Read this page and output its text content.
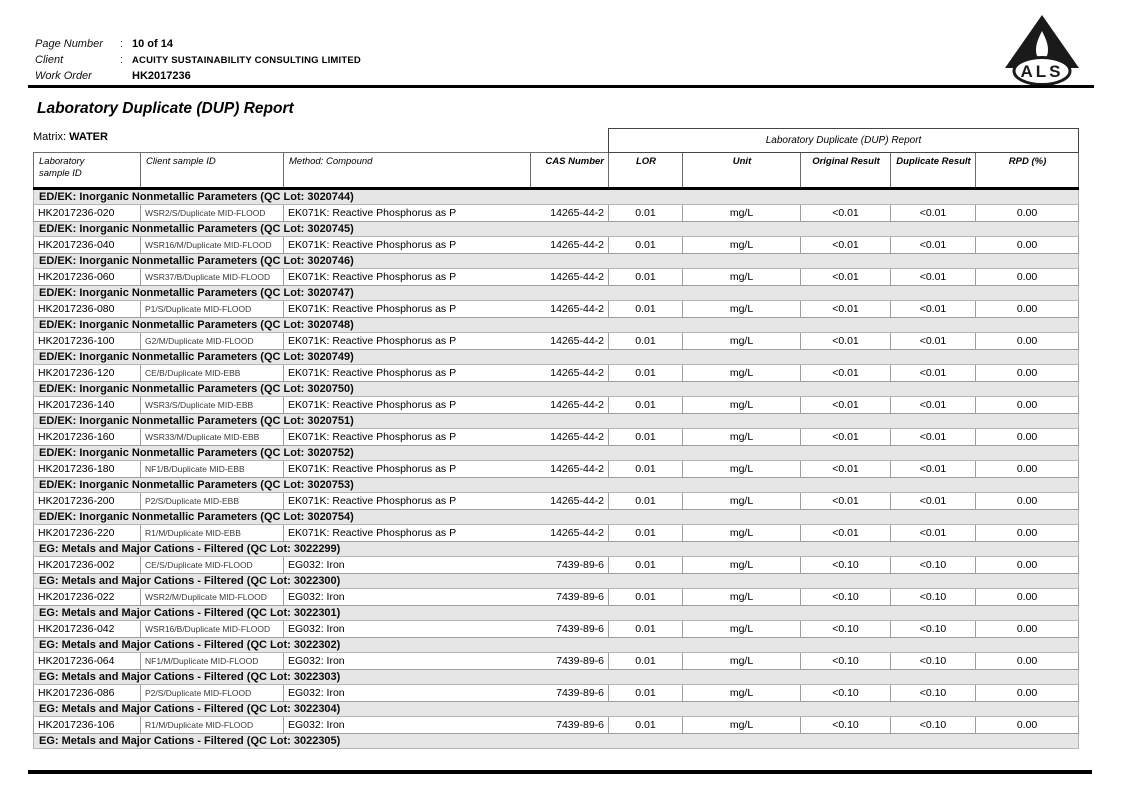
Page Number	: 10 of 14
Client	: ACUITY SUSTAINABILITY CONSULTING LIMITED
Work Order	HK2017236	ALS
Laboratory Duplicate (DUP) Report
				Laboratory Duplicate (DUP) Report				

Laboratory
sample ID	Client sample ID	Method: Compound	CAS Number	LOR	Unit	Original Result	Duplicate Result	RPD (%)
ED/EK: Inorganic Nonmetallic Parameters (QC Lot: 3020744)								
HK2017236-020	WSR2/S/Duplicate MID-FLOOD	EK071K: Reactive Phosphorus as P	14265-44-2	0.01	mg/L	<0.01	<0.01	0.00
ED/EK: Inorganic Nonmetallic Parameters (QC Lot: 3020745)								
HK2017236-040	WSR16/M/Duplicate MID-FLOOD	EK071K: Reactive Phosphorus as P	14265-44-2	0.01	mg/L	<0.01	<0.01	0.00
ED/EK: Inorganic Nonmetallic Parameters (QC Lot: 3020746)								
HK2017236-060	WSR37/B/Duplicate MID-FLOOD	EK071K: Reactive Phosphorus as P	14265-44-2	0.01	mg/L	<0.01	<0.01	0.00
ED/EK: Inorganic Nonmetallic Parameters (QC Lot: 3020747)								
HK2017236-080	P1/S/Duplicate MID-FLOOD	EK071K: Reactive Phosphorus as P	14265-44-2	0.01	mg/L	<0.01	<0.01	0.00
ED/EK: Inorganic Nonmetallic Parameters (QC Lot: 3020748)								
HK2017236-100	G2/M/Duplicate MID-FLOOD	EK071K: Reactive Phosphorus as P	14265-44-2	0.01	mg/L	<0.01	<0.01	0.00
ED/EK: Inorganic Nonmetallic Parameters (QC Lot: 3020749)								
HK2017236-120	CE/B/Duplicate MID-EBB	EK071K: Reactive Phosphorus as P	14265-44-2	0.01	mg/L	<0.01	<0.01	0.00
ED/EK: Inorganic Nonmetallic Parameters (QC Lot: 3020750)								
HK2017236-140	WSR3/S/Duplicate MID-EBB	EK071K: Reactive Phosphorus as P	14265-44-2	0.01	mg/L	<0.01	<0.01	0.00
ED/EK: Inorganic Nonmetallic Parameters (QC Lot: 3020751)								
HK2017236-160	WSR33/M/Duplicate MID-EBB	EK071K: Reactive Phosphorus as P	14265-44-2	0.01	mg/L	<0.01	<0.01	0.00
ED/EK: Inorganic Nonmetallic Parameters (QC Lot: 3020752)								
HK2017236-180	NF1/B/Duplicate MID-EBB	EK071K: Reactive Phosphorus as P	14265-44-2	0.01	mg/L	<0.01	<0.01	0.00
ED/EK: Inorganic Nonmetallic Parameters (QC Lot: 3020753)								
HK2017236-200	P2/S/Duplicate MID-EBB	EK071K: Reactive Phosphorus as P	14265-44-2	0.01	mg/L	<0.01	<0.01	0.00
ED/EK: Inorganic Nonmetallic Parameters (QC Lot: 3020754)								
HK2017236-220	R1/M/Duplicate MID-EBB	EK071K: Reactive Phosphorus as P	14265-44-2	0.01	mg/L	<0.01	<0.01	0.00
EG: Metals and Major Cations - Filtered (QC Lot: 3022299)								
HK2017236-002	CE/S/Duplicate MID-FLOOD	EG032: Iron	7439-89-6	0.01	mg/L	<0.10	<0.10	0.00
EG: Metals and Major Cations - Filtered (QC Lot: 3022300)								
HK2017236-022	WSR2/M/Duplicate MID-FLOOD	EG032: Iron	7439-89-6	0.01	mg/L	<0.10	<0.10	0.00
EG: Metals and Major Cations - Filtered (QC Lot: 3022301)								
HK2017236-042	WSR16/B/Duplicate MID-FLOOD	EG032: Iron	7439-89-6	0.01	mg/L	<0.10	<0.10	0.00
EG: Metals and Major Cations - Filtered (QC Lot: 3022302)								
HK2017236-064	NF1/M/Duplicate MID-FLOOD	EG032: Iron	7439-89-6	0.01	mg/L	<0.10	<0.10	0.00
EG: Metals and Major Cations - Filtered (QC Lot: 3022303)								
HK2017236-086	P2/S/Duplicate MID-FLOOD	EG032: Iron	7439-89-6	0.01	mg/L	<0.10	<0.10	0.00
EG: Metals and Major Cations - Filtered (QC Lot: 3022304)								
HK2017236-106	R1/M/Duplicate MID-FLOOD	EG032: Iron	7439-89-6	0.01	mg/L	<0.10	<0.10	0.00
EG: Metals and Major Cations - Filtered (QC Lot: 3022305)								
Matrix: WATER
